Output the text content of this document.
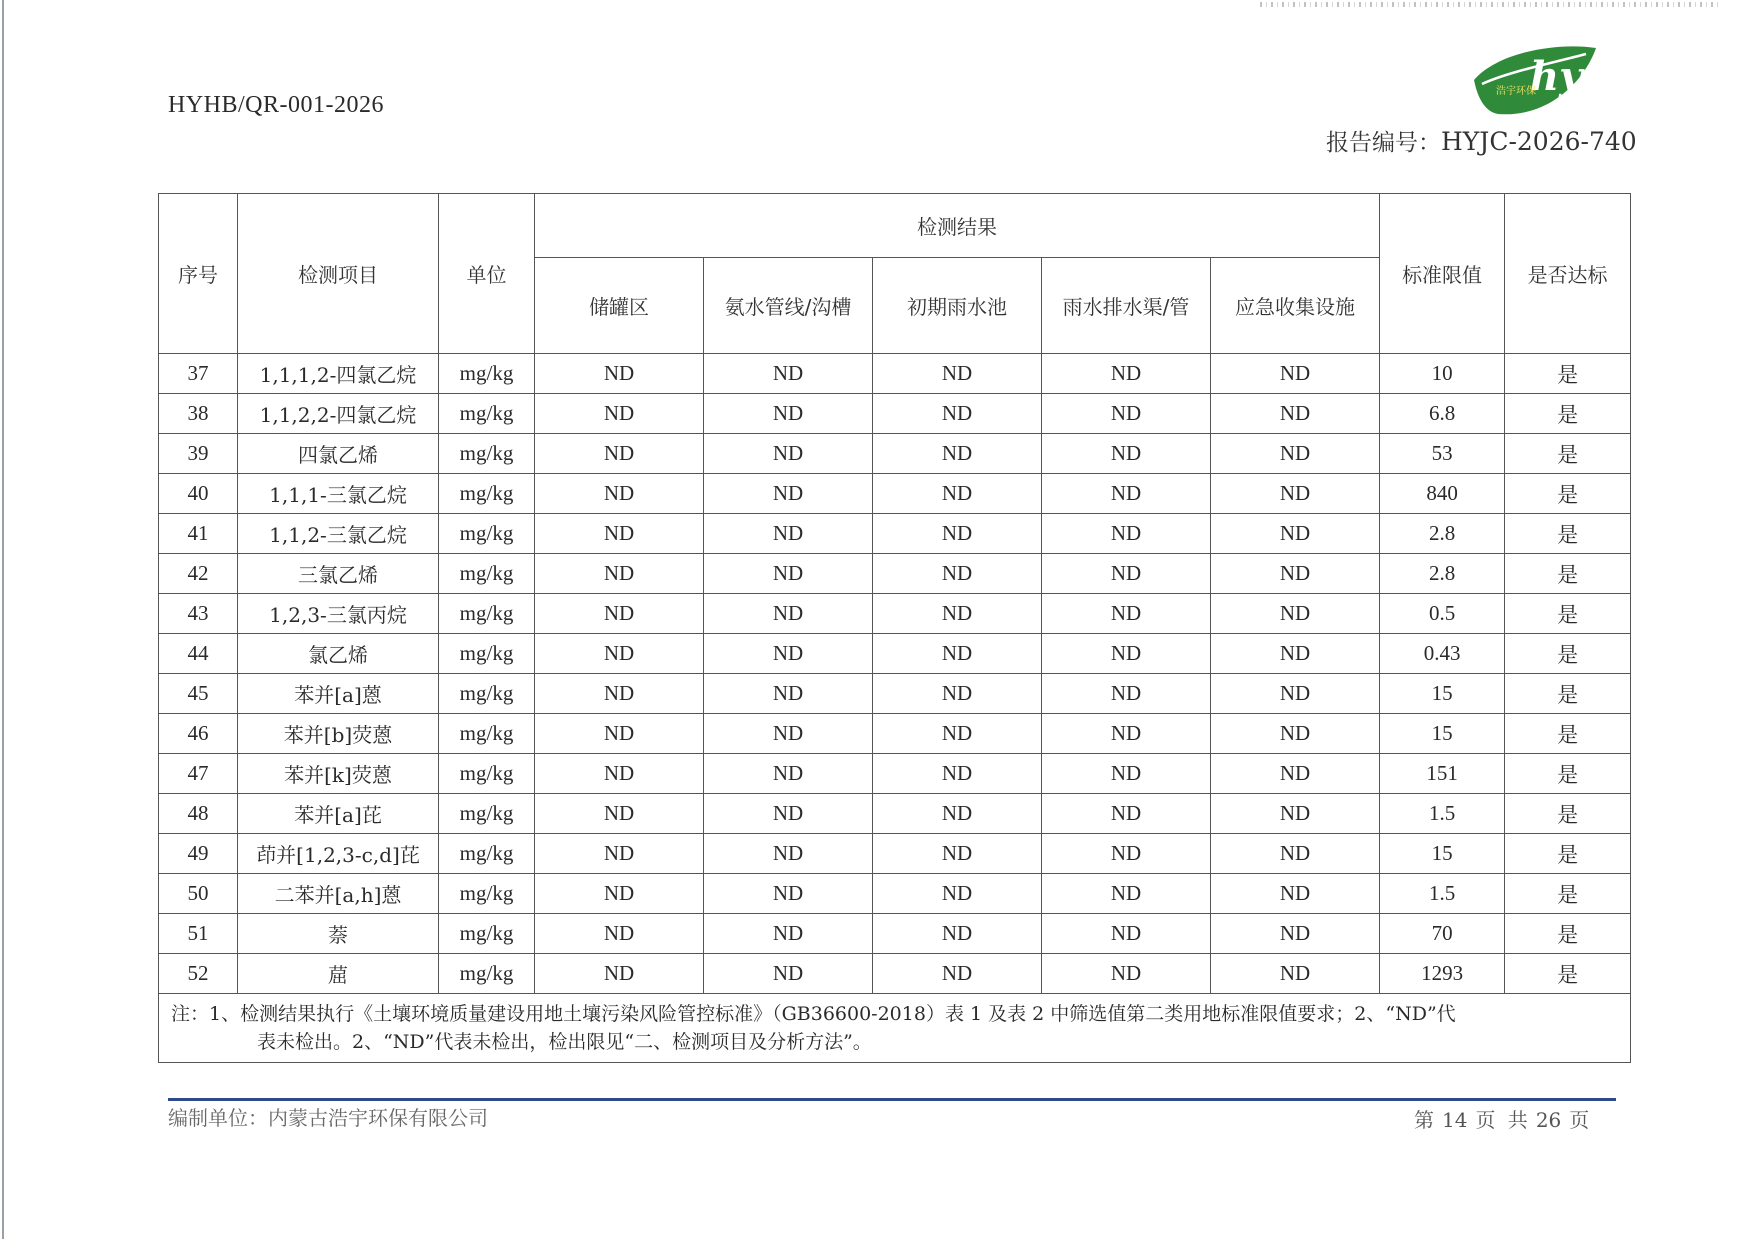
HYHB/QR-001-2026
hy
浩宇环保
报告编号：HYJC-2026-740
序号	检测项目	单位	检测结果					标准限值	是否达标
			储罐区	氨水管线/沟槽	初期雨水池	雨水排水渠/管	应急收集设施		
37	1,1,1,2-四氯乙烷	mg/kg	ND	ND	ND	ND	ND	10	是
38	1,1,2,2-四氯乙烷	mg/kg	ND	ND	ND	ND	ND	6.8	是
39	四氯乙烯	mg/kg	ND	ND	ND	ND	ND	53	是
40	1,1,1-三氯乙烷	mg/kg	ND	ND	ND	ND	ND	840	是
41	1,1,2-三氯乙烷	mg/kg	ND	ND	ND	ND	ND	2.8	是
42	三氯乙烯	mg/kg	ND	ND	ND	ND	ND	2.8	是
43	1,2,3-三氯丙烷	mg/kg	ND	ND	ND	ND	ND	0.5	是
44	氯乙烯	mg/kg	ND	ND	ND	ND	ND	0.43	是
45	苯并[a]蒽	mg/kg	ND	ND	ND	ND	ND	15	是
46	苯并[b]荧蒽	mg/kg	ND	ND	ND	ND	ND	15	是
47	苯并[k]荧蒽	mg/kg	ND	ND	ND	ND	ND	151	是
48	苯并[a]芘	mg/kg	ND	ND	ND	ND	ND	1.5	是
49	茚并[1,2,3-c,d]芘	mg/kg	ND	ND	ND	ND	ND	15	是
50	二苯并[a,h]蒽	mg/kg	ND	ND	ND	ND	ND	1.5	是
51	萘	mg/kg	ND	ND	ND	ND	ND	70	是
52	䓛	mg/kg	ND	ND	ND	ND	ND	1293	是

注：1、检测结果执行《土壤环境质量建设用地土壤污染风险管控标准》（GB36600-2018）表 1 及表 2 中筛选值第二类用地标准限值要求；2、“ND”代
表未检出。2、“ND”代表未检出，检出限见“二、检测项目及分析方法”。									
编制单位：内蒙古浩宇环保有限公司	第 14 页 共 26 页
